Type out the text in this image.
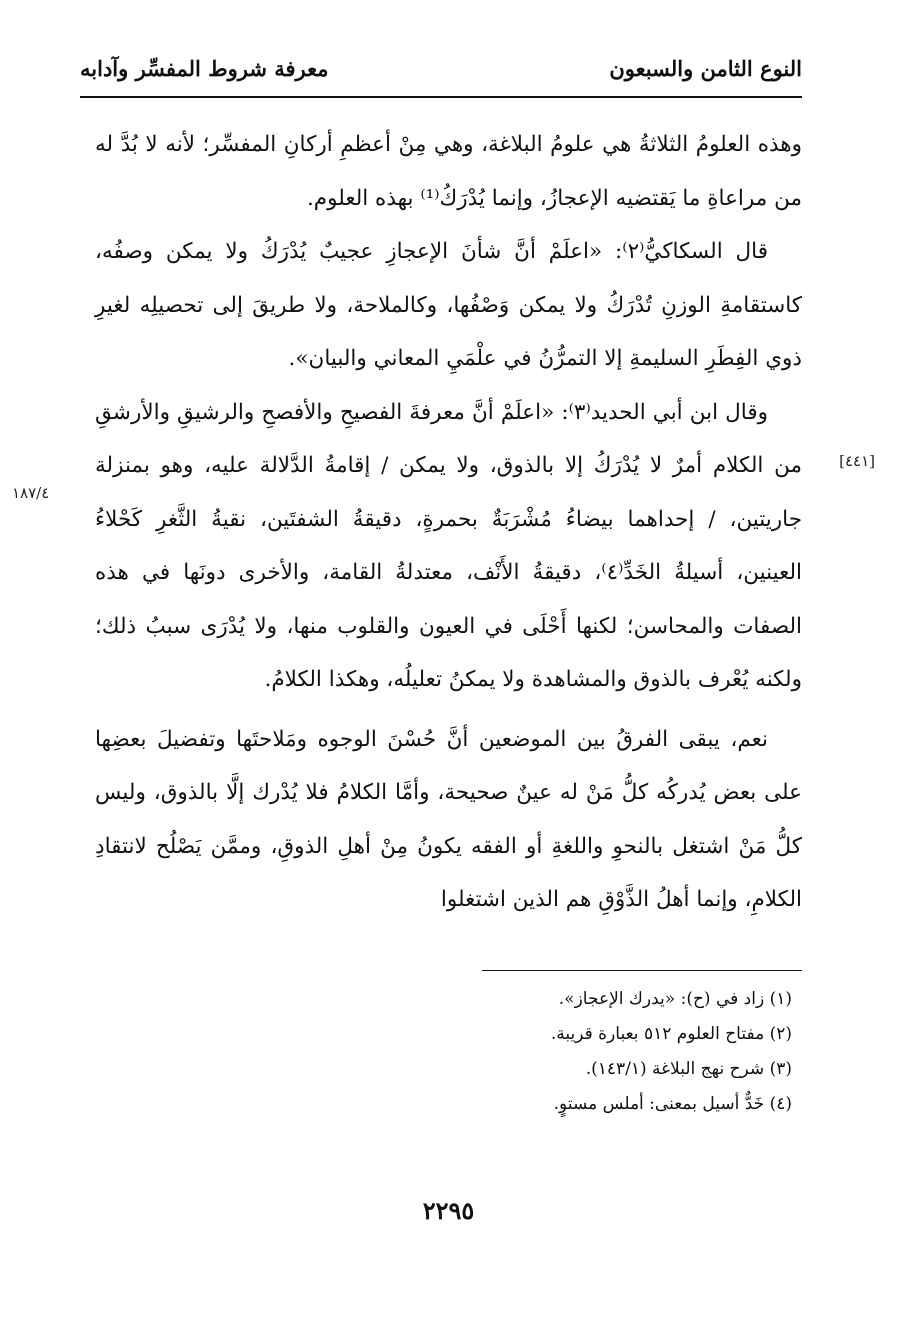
النوع الثامن والسبعون
معرفة شروط المفسِّر وآدابه
[٤٤١]
١٨٧/٤

وهذه العلومُ الثلاثةُ هي علومُ البلاغة، وهي مِنْ أعظمِ أركانِ المفسِّر؛ لأنه لا بُدَّ له من مراعاةِ ما يَقتضيه الإعجازُ، وإنما يُدْرَكُ⁽¹⁾ بهذه العلوم.

قال السكاكيُّ⁽٢⁾: «اعلَمْ أنَّ شأنَ الإعجازِ عجيبٌ يُدْرَكُ ولا يمكن وصفُه، كاستقامةِ الوزنِ تُدْرَكُ ولا يمكن وَصْفُها، وكالملاحة، ولا طريقَ إلى تحصيلِه لغيرِ ذوي الفِطَرِ السليمةِ إلا التمرُّنُ في علْمَيِ المعاني والبيان».

وقال ابن أبي الحديد⁽٣⁾: «اعلَمْ أنَّ معرفةَ الفصيحِ والأفصحِ والرشيقِ والأرشقِ من الكلام أمرٌ لا يُدْرَكُ إلا بالذوق، ولا يمكن / إقامةُ الدَّلالة عليه، وهو بمنزلة جاريتين، / إحداهما بيضاءُ مُشْرَبَةٌ بحمرةٍ، دقيقةُ الشفتَين، نقيةُ الثَّغرِ كَحْلاءُ العينين، أسيلةُ الخَدِّ⁽٤⁾، دقيقةُ الأَنْف، معتدلةُ القامة، والأخرى دونَها في هذه الصفات والمحاسن؛ لكنها أَحْلَى في العيون والقلوب منها، ولا يُدْرَى سببُ ذلك؛ ولكنه يُعْرف بالذوق والمشاهدة ولا يمكنُ تعليلُه، وهكذا الكلامُ.

نعم، يبقى الفرقُ بين الموضعين أنَّ حُسْنَ الوجوه ومَلاحتَها وتفضيلَ بعضِها على بعض يُدركُه كلُّ مَنْ له عينٌ صحيحة، وأمَّا الكلامُ فلا يُدْرك إلَّا بالذوق، وليس كلُّ مَنْ اشتغل بالنحوِ واللغةِ أو الفقه يكونُ مِنْ أهلِ الذوقِ، وممَّن يَصْلُح لانتقادِ الكلامِ، وإنما أهلُ الذَّوْقِ هم الذين اشتغلوا

(١) زاد في (ح): «يدرك الإعجاز».

(٢) مفتاح العلوم ٥١٢ بعبارة قريبة.

(٣) شرح نهج البلاغة (١٤٣/١).

(٤) خَدٌّ أسيل بمعنى: أملس مستوٍ.

٢٢٩٥
